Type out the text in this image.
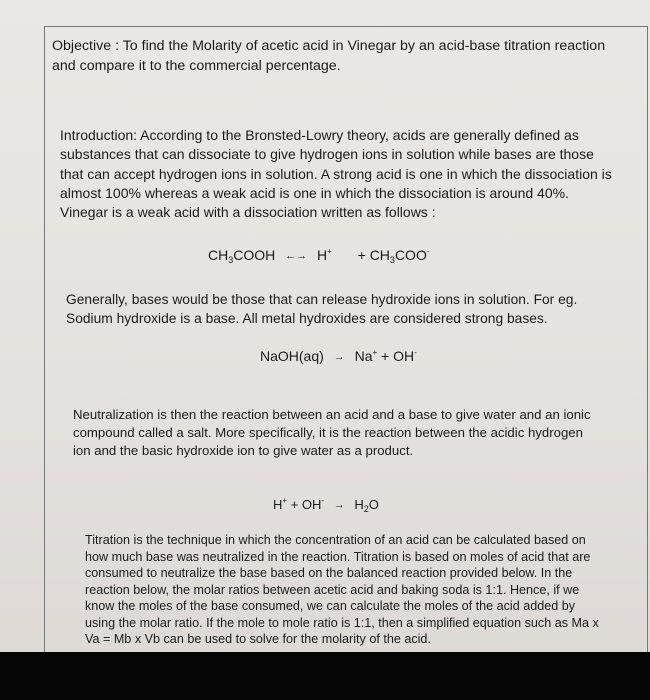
Objective : To find the Molarity of acetic acid in Vinegar by an acid-base titration reaction and compare it to the commercial percentage.

Introduction: According to the Bronsted-Lowry theory, acids are generally defined as substances that can dissociate to give hydrogen ions in solution while bases are those that can accept hydrogen ions in solution. A strong acid is one in which the dissociation is almost 100% whereas a weak acid is one in which the dissociation is around 40%. Vinegar is a weak acid with a dissociation written as follows :

$CH_3COOH$ ←→ $H^+ + CH_3COO^-$

Generally, bases would be those that can release hydroxide ions in solution. For eg. Sodium hydroxide is a base. All metal hydroxides are considered strong bases.

NaOH(aq) → Na+ + OH-

Neutralization is then the reaction between an acid and a base to give water and an ionic compound called a salt. More specifically, it is the reaction between the acidic hydrogen ion and the basic hydroxide ion to give water as a product.

$H^+ + OH^- \to H_2O$

Titration is the technique in which the concentration of an acid can be calculated based on how much base was neutralized in the reaction. Titration is based on moles of acid that are consumed to neutralize the base based on the balanced reaction provided below. In the reaction below, the molar ratios between acetic acid and baking soda is 1:1. Hence, if we know the moles of the base consumed, we can calculate the moles of the acid added by using the molar ratio. If the mole to mole ratio is 1:1, then a simplified equation such as Ma x Va = Mb x Vb can be used to solve for the molarity of the acid.
